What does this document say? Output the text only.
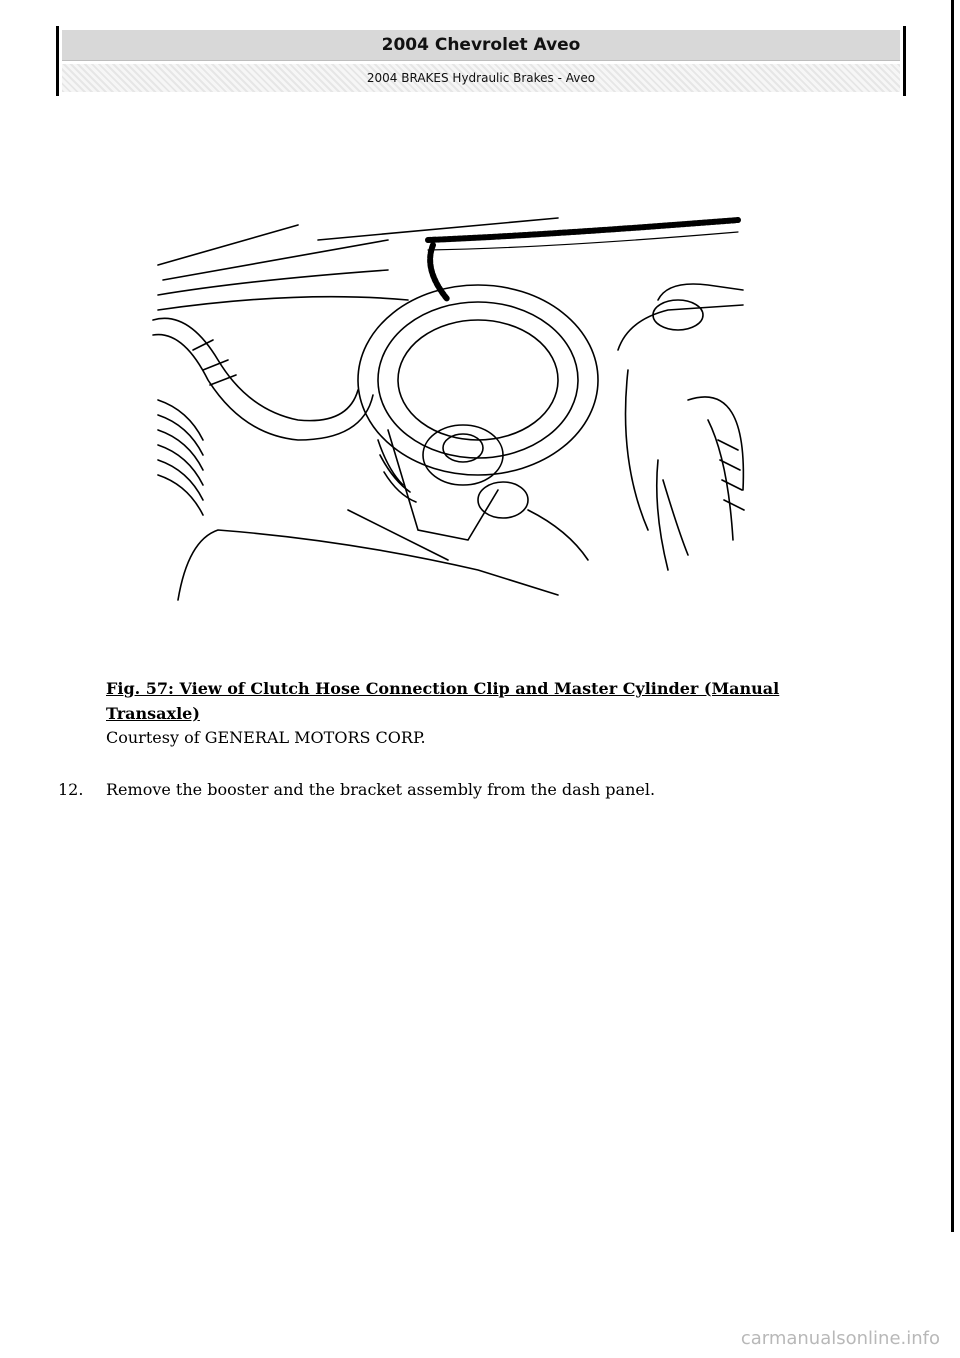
2004 Chevrolet Aveo
2004 BRAKES Hydraulic Brakes - Aveo
Fig. 57: View of Clutch Hose Connection Clip and Master Cylinder (Manual Transaxle)
Courtesy of GENERAL MOTORS CORP.
12.	Remove the booster and the bracket assembly from the dash panel.
carmanualsonline.info
